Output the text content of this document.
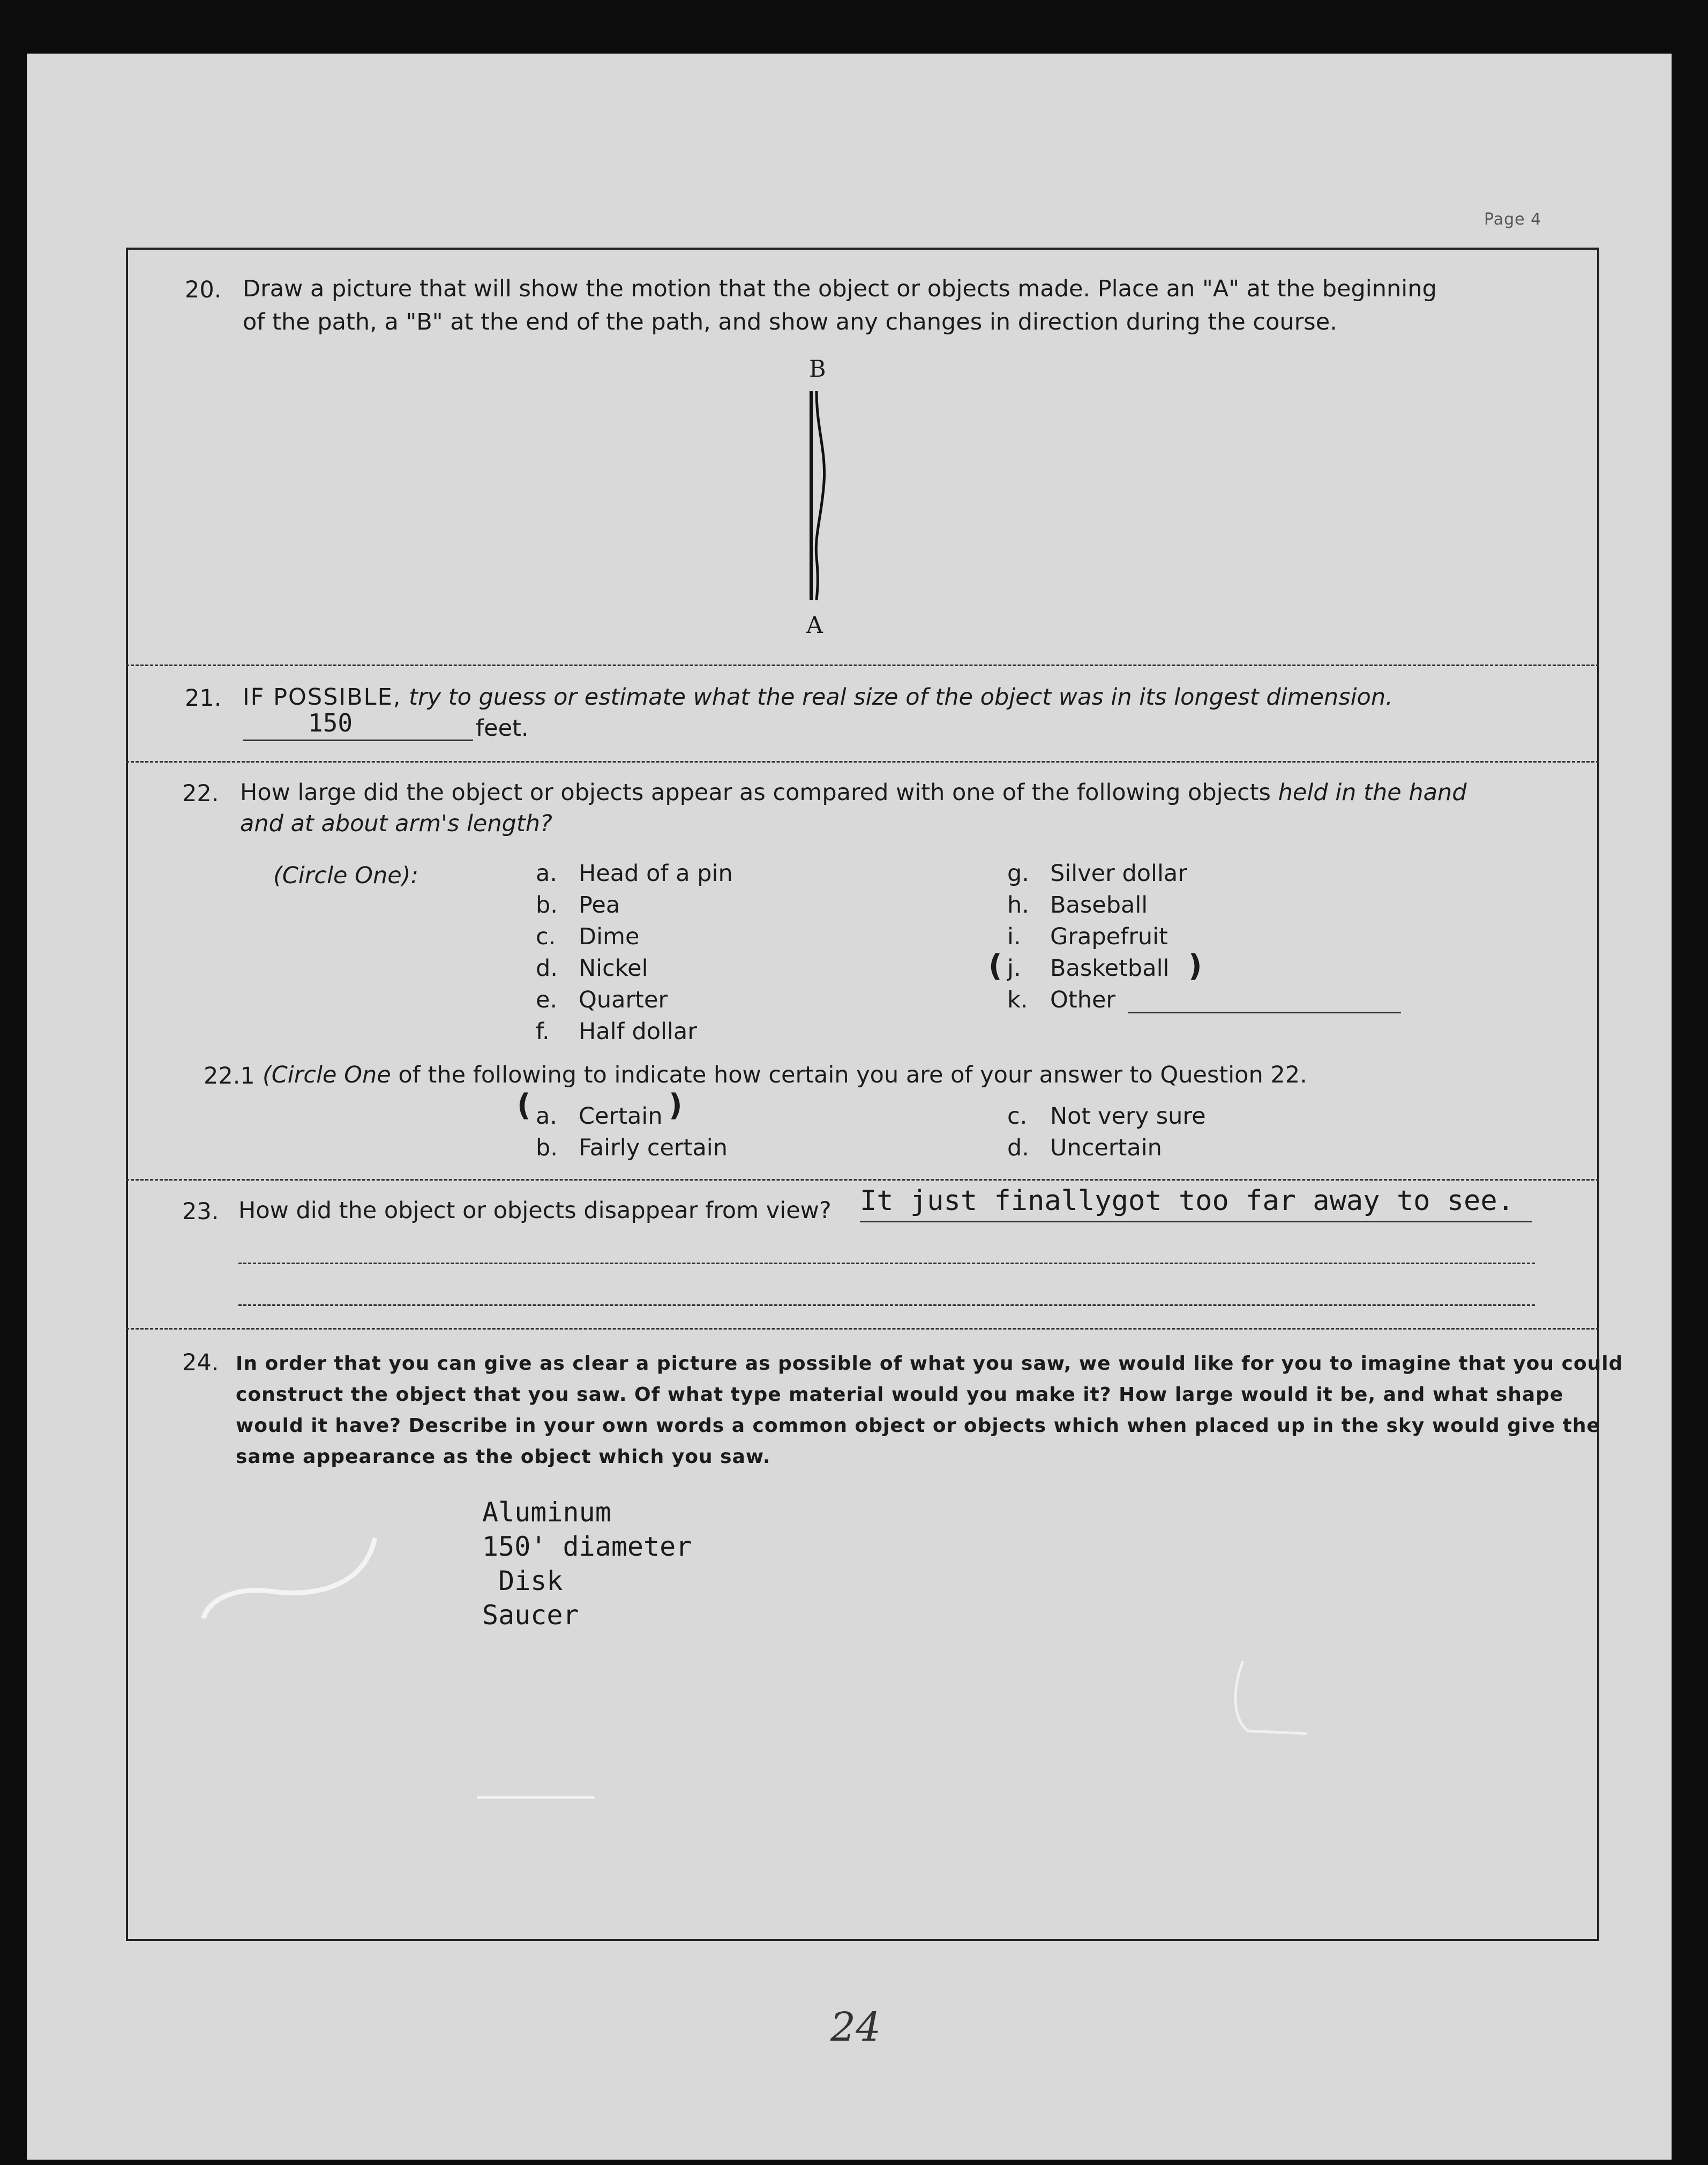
Page 4
20. Draw a picture that will show the motion that the object or objects made. Place an "A" at the beginning
of the path, a "B" at the end of the path, and show any changes in direction during the course.
B
A
21. IF POSSIBLE, try to guess or estimate what the real size of the object was in its longest dimension.
150	feet.
22. How large did the object or objects appear as compared with one of the following objects held in the hand
and at about arm's length?
(Circle One):	a. Head of a pin
b. Pea
c. Dime
d. Nickel
e. Quarter
f. Half dollar
g. Silver dollar
h. Baseball
i. Grapefruit
( j. Basketball )
k. Other
22.1 (Circle One of the following to indicate how certain you are of your answer to Question 22.
( a. Certain )
b. Fairly certain
c. Not very sure
d. Uncertain
23. How did the object or objects disappear from view? It just finallygot too far away to see.
24. In order that you can give as clear a picture as possible of what you saw, we would like for you to imagine that you could
construct the object that you saw. Of what type material would you make it? How large would it be, and what shape
would it have? Describe in your own words a common object or objects which when placed up in the sky would give the
same appearance as the object which you saw.
Aluminum
150' diameter
Disk
Saucer
24
